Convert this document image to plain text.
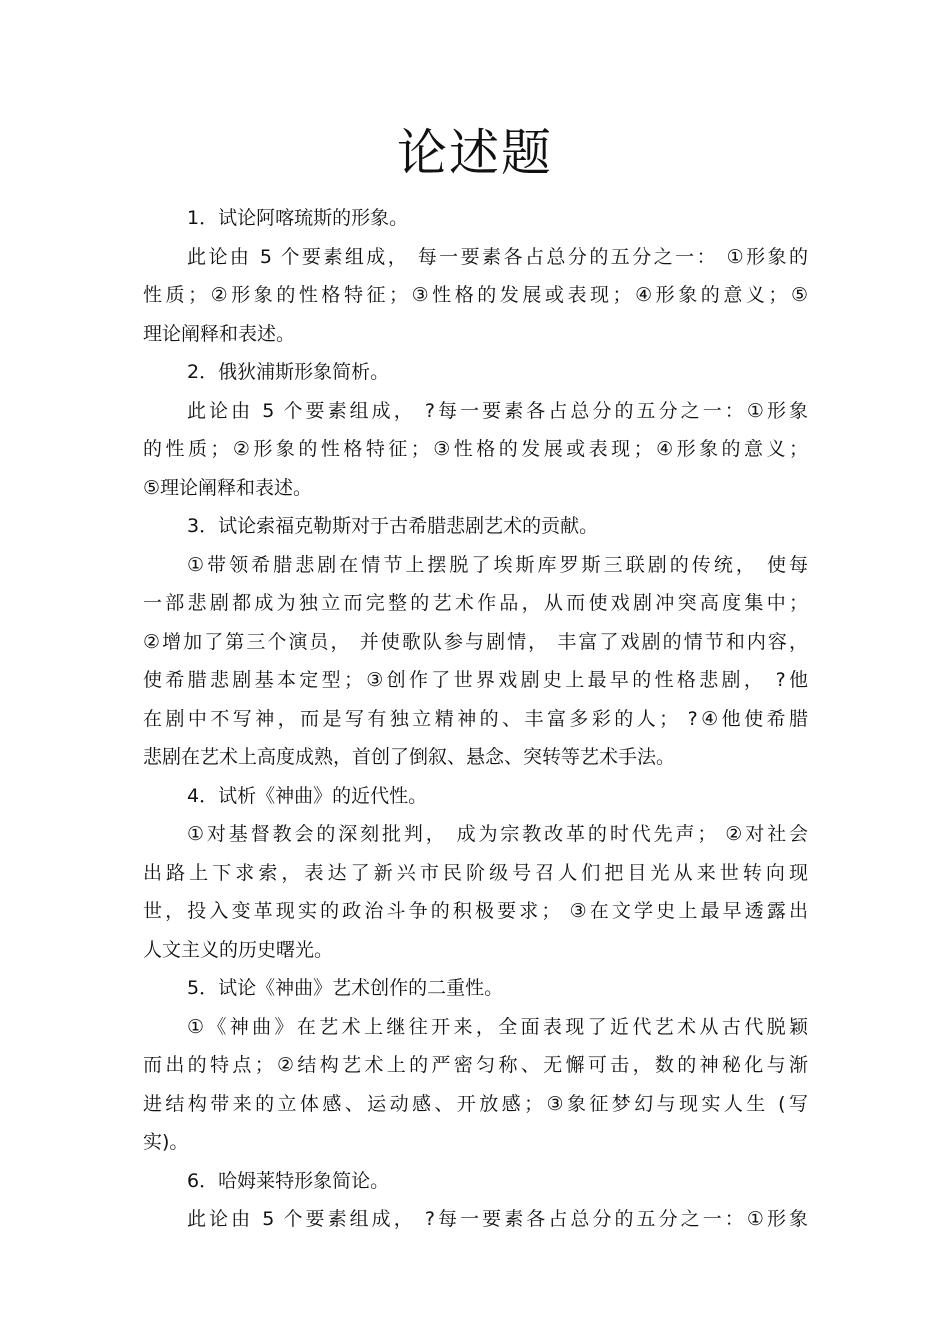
论述题
1．试论阿喀琉斯的形象。
此论由 5 个要素组成， 每一要素各占总分的五分之一： ①形象的
性质；②形象的性格特征；③性格的发展或表现；④形象的意义；⑤
理论阐释和表述。
2．俄狄浦斯形象简析。
此论由 5 个要素组成， ?每一要素各占总分的五分之一：①形象
的性质；②形象的性格特征；③性格的发展或表现；④形象的意义；
⑤理论阐释和表述。
3．试论索福克勒斯对于古希腊悲剧艺术的贡献。
①带领希腊悲剧在情节上摆脱了埃斯库罗斯三联剧的传统， 使每
一部悲剧都成为独立而完整的艺术作品，从而使戏剧冲突高度集中；
②增加了第三个演员， 并使歌队参与剧情， 丰富了戏剧的情节和内容，
使希腊悲剧基本定型；③创作了世界戏剧史上最早的性格悲剧， ?他
在剧中不写神，而是写有独立精神的、丰富多彩的人； ?④他使希腊
悲剧在艺术上高度成熟，首创了倒叙、悬念、突转等艺术手法。
4．试析《神曲》的近代性。
①对基督教会的深刻批判， 成为宗教改革的时代先声； ②对社会
出路上下求索，表达了新兴市民阶级号召人们把目光从来世转向现
世，投入变革现实的政治斗争的积极要求； ③在文学史上最早透露出
人文主义的历史曙光。
5．试论《神曲》艺术创作的二重性。
①《神曲》在艺术上继往开来，全面表现了近代艺术从古代脱颖
而出的特点；②结构艺术上的严密匀称、无懈可击，数的神秘化与渐
进结构带来的立体感、运动感、开放感；③象征梦幻与现实人生 (写
实)。
6．哈姆莱特形象简论。
此论由 5 个要素组成， ?每一要素各占总分的五分之一：①形象
